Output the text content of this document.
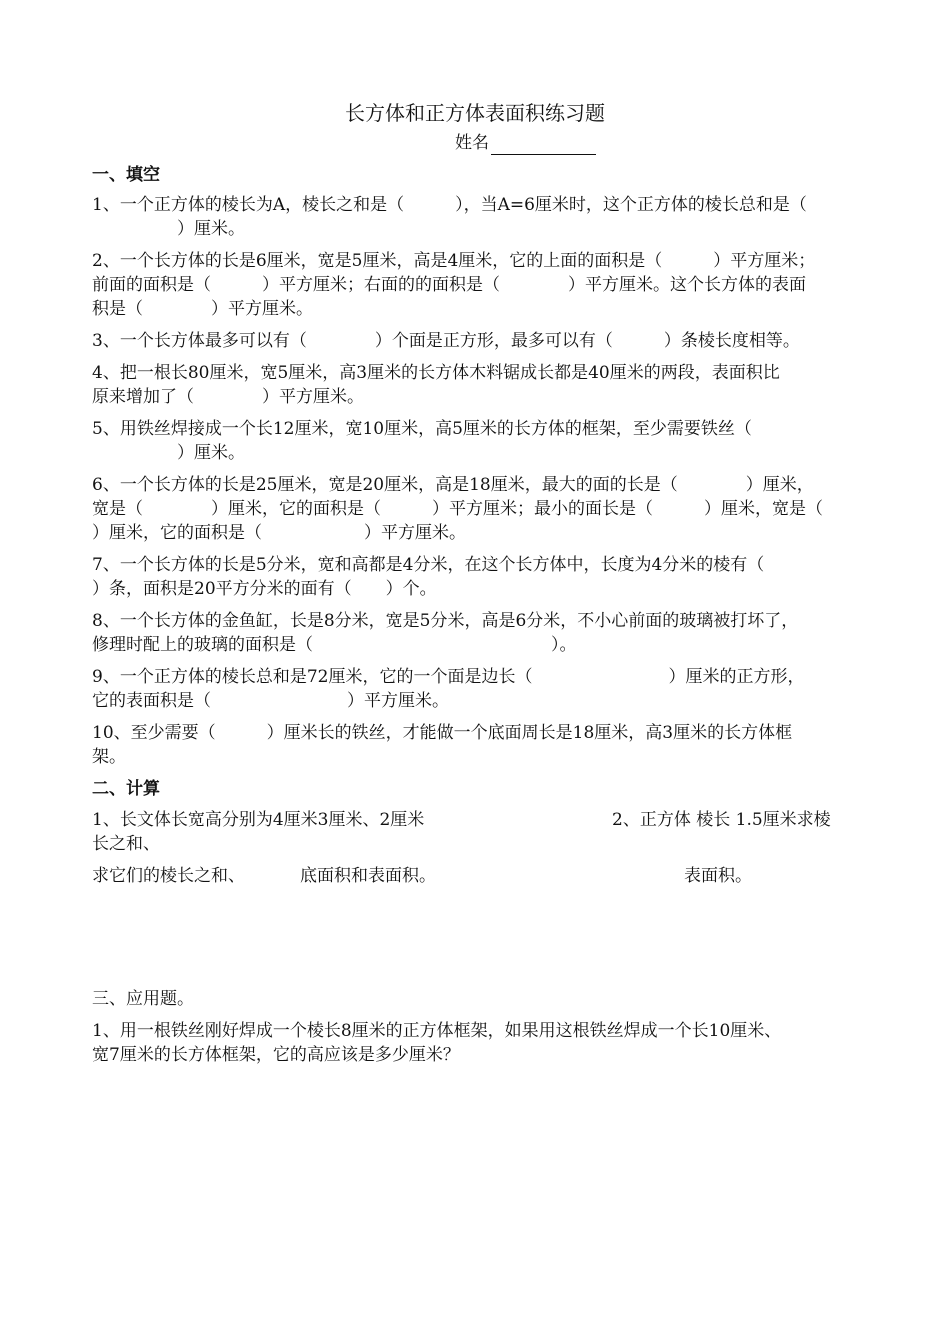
长方体和正方体表面积练习题
姓名
一、填空
1、一个正方体的棱长为A，棱长之和是（　　　），当A=6厘米时，这个正方体的棱长总和是（
　　　　　）厘米。
2、一个长方体的长是6厘米，宽是5厘米，高是4厘米，它的上面的面积是（　　　）平方厘米；
前面的面积是（　　　）平方厘米；右面的的面积是（　　　　）平方厘米。这个长方体的表面
积是（　　　　）平方厘米。
3、一个长方体最多可以有（　　　　）个面是正方形，最多可以有（　　　）条棱长度相等。
4、把一根长80厘米，宽5厘米，高3厘米的长方体木料锯成长都是40厘米的两段，表面积比
原来增加了（　　　　）平方厘米。
5、用铁丝焊接成一个长12厘米，宽10厘米，高5厘米的长方体的框架，至少需要铁丝（
　　　　　）厘米。
6、一个长方体的长是25厘米，宽是20厘米，高是18厘米，最大的面的长是（　　　　）厘米，
宽是（　　　　）厘米，它的面积是（　　　）平方厘米；最小的面长是（　　　）厘米，宽是（
）厘米，它的面积是（　　　　　　）平方厘米。
7、一个长方体的长是5分米，宽和高都是4分米，在这个长方体中，长度为4分米的棱有（
）条，面积是20平方分米的面有（　　）个。
8、一个长方体的金鱼缸，长是8分米，宽是5分米，高是6分米，不小心前面的玻璃被打坏了，
修理时配上的玻璃的面积是（　　　　　　　　　　　　　　）。
9、一个正方体的棱长总和是72厘米，它的一个面是边长（　　　　　　　　）厘米的正方形，
它的表面积是（　　　　　　　　）平方厘米。
10、至少需要（　　　）厘米长的铁丝，才能做一个底面周长是18厘米，高3厘米的长方体框
架。
二、计算
1、长文体长宽高分别为4厘米3厘米、2厘米	2、正方体 棱长 1.5厘米求棱
长之和、
求它们的棱长之和、	底面积和表面积。	表面积。
三、应用题。
1、用一根铁丝刚好焊成一个棱长8厘米的正方体框架，如果用这根铁丝焊成一个长10厘米、
宽7厘米的长方体框架，它的高应该是多少厘米？
